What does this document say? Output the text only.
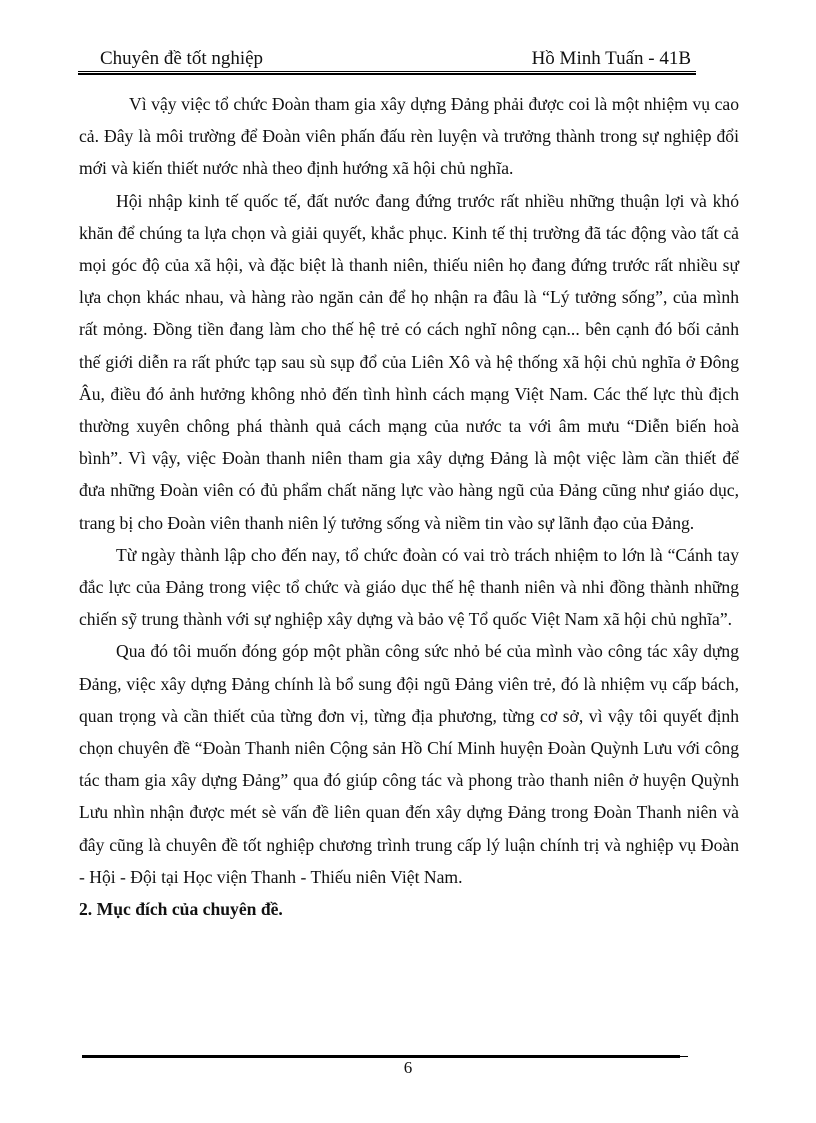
Chuyên đề tốt nghiệp	Hồ Minh Tuấn - 41B

Vì vậy việc tổ chức Đoàn tham gia xây dựng Đảng phải được coi là một nhiệm vụ cao cả. Đây là môi trường để Đoàn viên phấn đấu rèn luyện và trưởng thành trong sự nghiệp đổi mới và kiến thiết nước nhà theo định hướng xã hội chủ nghĩa.

Hội nhập kinh tế quốc tế, đất nước đang đứng trước rất nhiều những thuận lợi và khó khăn để chúng ta lựa chọn và giải quyết, khắc phục. Kinh tế thị trường đã tác động vào tất cả mọi góc độ của xã hội, và đặc biệt là thanh niên, thiếu niên họ đang đứng trước rất nhiều sự lựa chọn khác nhau, và hàng rào ngăn cản để họ nhận ra đâu là “Lý tưởng sống”, của mình rất mỏng. Đồng tiền đang làm cho thế hệ trẻ có cách nghĩ nông cạn... bên cạnh đó bối cảnh thế giới diễn ra rất phức tạp sau sù sụp đổ của Liên Xô và hệ thống xã hội chủ nghĩa ở Đông Âu, điều đó ảnh hưởng không nhỏ đến tình hình cách mạng Việt Nam. Các thế lực thù địch thường xuyên chông phá thành quả cách mạng của nước ta với âm mưu “Diễn biến hoà bình”. Vì vậy, việc Đoàn thanh niên tham gia xây dựng Đảng là một việc làm cần thiết để đưa những Đoàn viên có đủ phẩm chất năng lực vào hàng ngũ của Đảng cũng như giáo dục, trang bị cho Đoàn viên thanh niên lý tưởng sống và niềm tin vào sự lãnh đạo của Đảng.

Từ ngày thành lập cho đến nay, tổ chức đoàn có vai trò trách nhiệm to lớn là “Cánh tay đắc lực của Đảng trong việc tổ chức và giáo dục thế hệ thanh niên và nhi đồng thành những chiến sỹ trung thành với sự nghiệp xây dựng và bảo vệ Tổ quốc Việt Nam xã hội chủ nghĩa”.

Qua đó tôi muốn đóng góp một phần công sức nhỏ bé của mình vào công tác xây dựng Đảng, việc xây dựng Đảng chính là bổ sung đội ngũ Đảng viên trẻ, đó là nhiệm vụ cấp bách, quan trọng và cần thiết của từng đơn vị, từng địa phương, từng cơ sở, vì vậy tôi quyết định chọn chuyên đề “Đoàn Thanh niên Cộng sản Hồ Chí Minh huyện Đoàn Quỳnh Lưu với công tác tham gia xây dựng Đảng” qua đó giúp công tác và phong trào thanh niên ở huyện Quỳnh Lưu nhìn nhận được mét sè vấn đề liên quan đến xây dựng Đảng trong Đoàn Thanh niên và đây cũng là chuyên đề tốt nghiệp chương trình trung cấp lý luận chính trị và nghiệp vụ Đoàn - Hội - Đội tại Học viện Thanh - Thiếu niên Việt Nam.

2. Mục đích của chuyên đề.

6
